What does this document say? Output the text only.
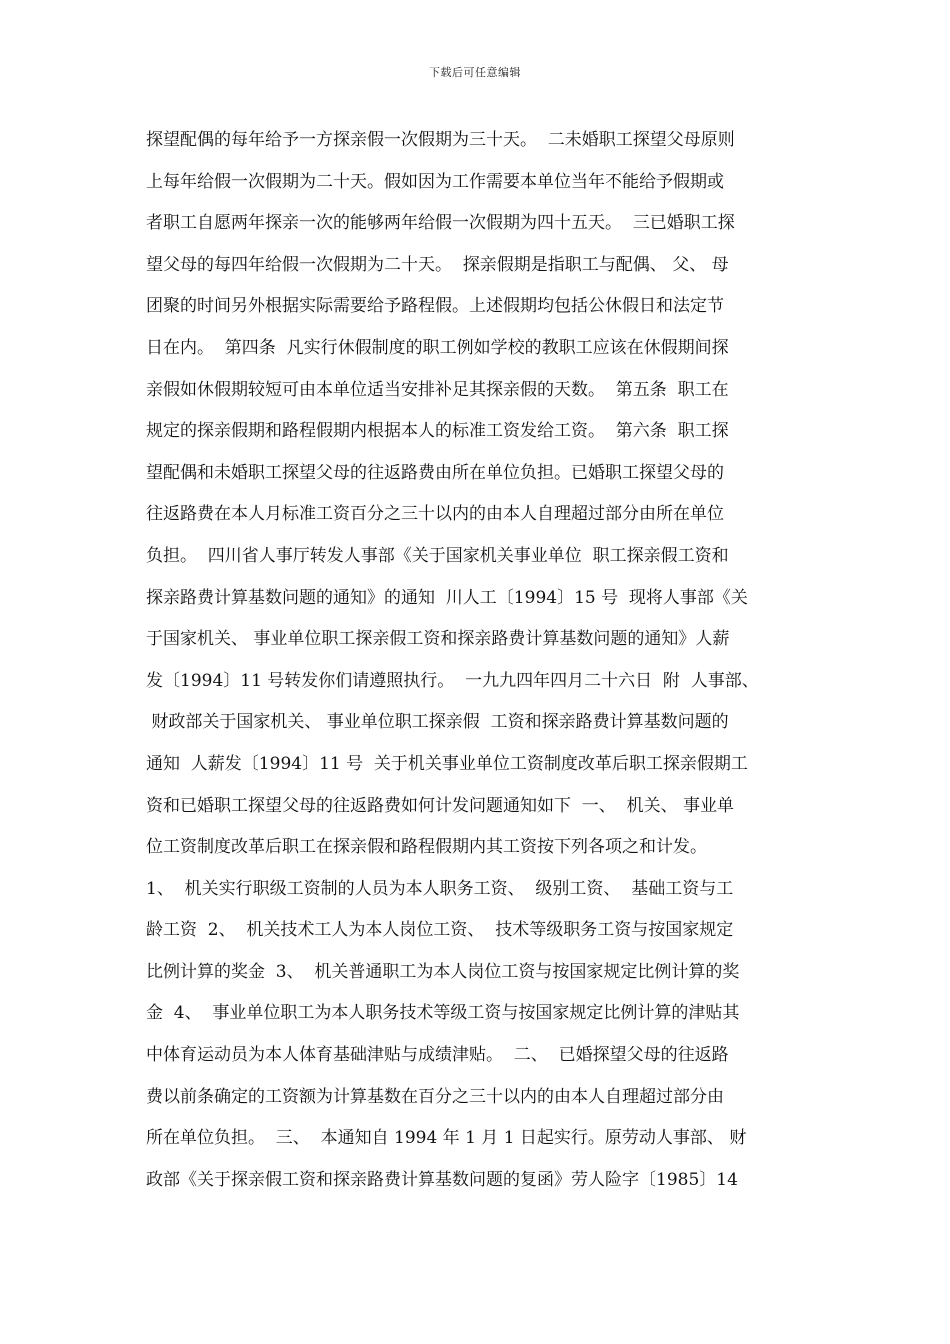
下载后可任意编辑
探望配偶的每年给予一方探亲假一次假期为三十天。  二未婚职工探望父母原则
上每年给假一次假期为二十天。假如因为工作需要本单位当年不能给予假期或
者职工自愿两年探亲一次的能够两年给假一次假期为四十五天。  三已婚职工探
望父母的每四年给假一次假期为二十天。  探亲假期是指职工与配偶、 父、 母
团聚的时间另外根据实际需要给予路程假。上述假期均包括公休假日和法定节
日在内。  第四条  凡实行休假制度的职工例如学校的教职工应该在休假期间探
亲假如休假期较短可由本单位适当安排补足其探亲假的天数。  第五条  职工在
规定的探亲假期和路程假期内根据本人的标准工资发给工资。  第六条  职工探
望配偶和未婚职工探望父母的往返路费由所在单位负担。已婚职工探望父母的
往返路费在本人月标准工资百分之三十以内的由本人自理超过部分由所在单位
负担。  四川省人事厅转发人事部《关于国家机关事业单位  职工探亲假工资和
探亲路费计算基数问题的通知》的通知  川人工〔1994〕15 号  现将人事部《关
于国家机关、 事业单位职工探亲假工资和探亲路费计算基数问题的通知》人薪
发〔1994〕11 号转发你们请遵照执行。  一九九四年四月二十六日  附  人事部、
财政部关于国家机关、 事业单位职工探亲假  工资和探亲路费计算基数问题的
通知  人薪发〔1994〕11 号  关于机关事业单位工资制度改革后职工探亲假期工
资和已婚职工探望父母的往返路费如何计发问题通知如下  一、  机关、 事业单
位工资制度改革后职工在探亲假和路程假期内其工资按下列各项之和计发。
1、  机关实行职级工资制的人员为本人职务工资、  级别工资、  基础工资与工
龄工资  2、  机关技术工人为本人岗位工资、  技术等级职务工资与按国家规定
比例计算的奖金  3、  机关普通职工为本人岗位工资与按国家规定比例计算的奖
金  4、  事业单位职工为本人职务技术等级工资与按国家规定比例计算的津贴其
中体育运动员为本人体育基础津贴与成绩津贴。  二、  已婚探望父母的往返路
费以前条确定的工资额为计算基数在百分之三十以内的由本人自理超过部分由
所在单位负担。  三、  本通知自 1994 年 1 月 1 日起实行。原劳动人事部、 财
政部《关于探亲假工资和探亲路费计算基数问题的复函》劳人险字〔1985〕14
